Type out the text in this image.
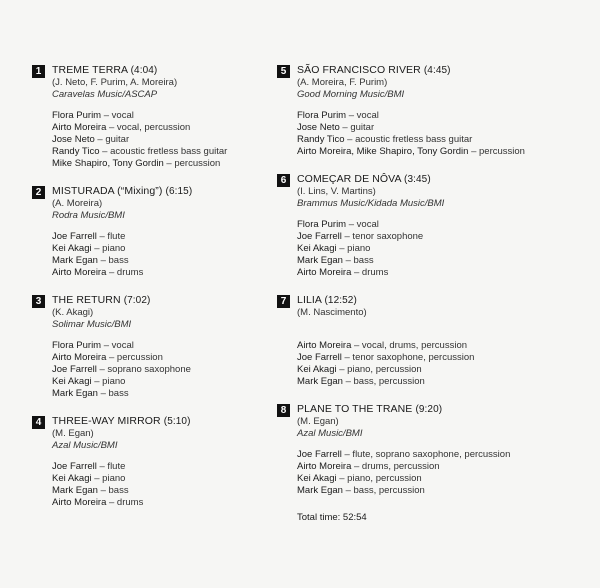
1	TREME TERRA (4:04)
(J. Neto, F. Purim, A. Moreira)
Caravelas Music/ASCAP
Flora Purim – vocal
Airto Moreira – vocal, percussion
Jose Neto – guitar
Randy Tico – acoustic fretless bass guitar
Mike Shapiro, Tony Gordin – percussion
2	MISTURADA (“Mixing”) (6:15)
(A. Moreira)
Rodra Music/BMI
Joe Farrell – flute
Kei Akagi – piano
Mark Egan – bass
Airto Moreira – drums
3	THE RETURN (7:02)
(K. Akagi)
Solimar Music/BMI
Flora Purim – vocal
Airto Moreira – percussion
Joe Farrell – soprano saxophone
Kei Akagi – piano
Mark Egan – bass
4	THREE-WAY MIRROR (5:10)
(M. Egan)
Azal Music/BMI
Joe Farrell – flute
Kei Akagi – piano
Mark Egan – bass
Airto Moreira – drums
5	SÃO FRANCISCO RIVER (4:45)
(A. Moreira, F. Purim)
Good Morning Music/BMI
Flora Purim – vocal
Jose Neto – guitar
Randy Tico – acoustic fretless bass guitar
Airto Moreira, Mike Shapiro, Tony Gordin – percussion
6	COMEÇAR DE NÔVA (3:45)
(I. Lins, V. Martins)
Brammus Music/Kidada Music/BMI
Flora Purim – vocal
Joe Farrell – tenor saxophone
Kei Akagi – piano
Mark Egan – bass
Airto Moreira – drums
7	LILIA (12:52)
(M. Nascimento)
Airto Moreira – vocal, drums, percussion
Joe Farrell – tenor saxophone, percussion
Kei Akagi – piano, percussion
Mark Egan – bass, percussion
8	PLANE TO THE TRANE (9:20)
(M. Egan)
Azal Music/BMI
Joe Farrell – flute, soprano saxophone, percussion
Airto Moreira – drums, percussion
Kei Akagi – piano, percussion
Mark Egan – bass, percussion
Total time: 52:54
